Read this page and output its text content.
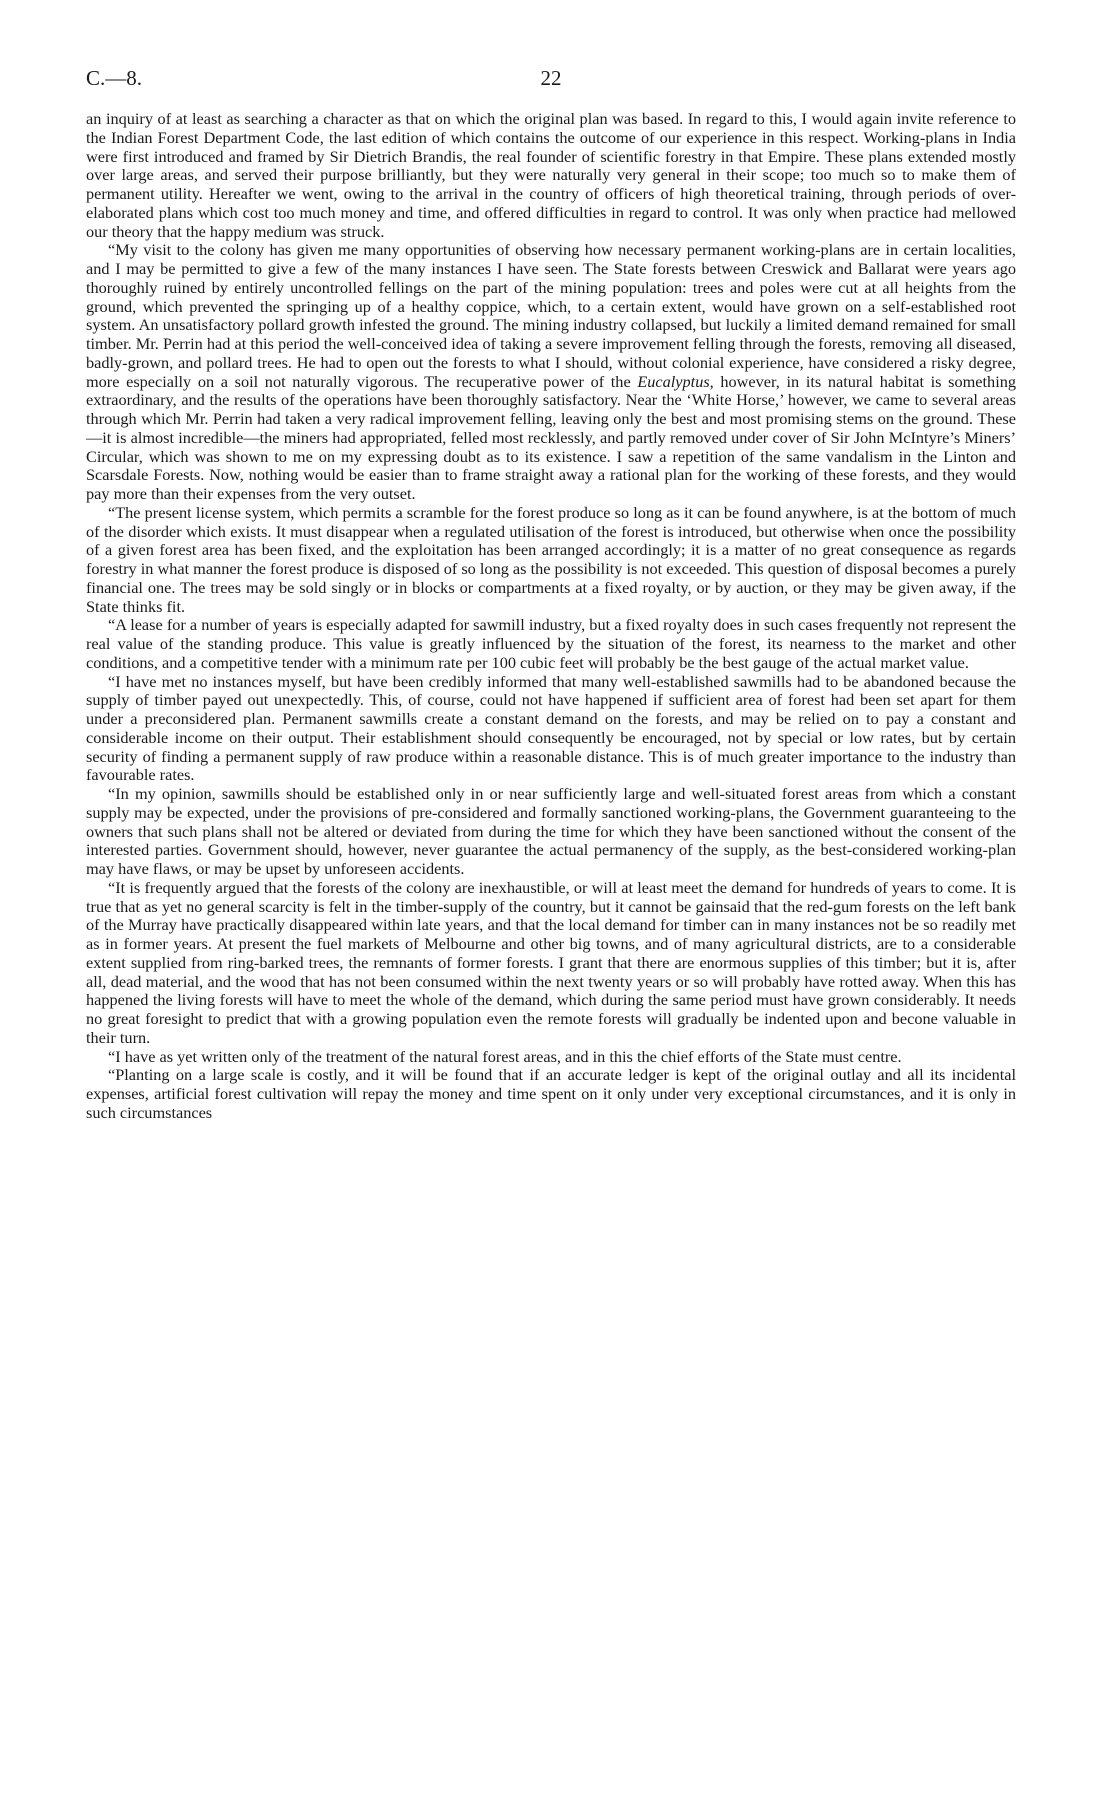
C.—8.	22

an inquiry of at least as searching a character as that on which the original plan was based. In regard to this, I would again invite reference to the Indian Forest Department Code, the last edition of which contains the outcome of our experience in this respect. Working-plans in India were first introduced and framed by Sir Dietrich Brandis, the real founder of scientific forestry in that Empire. These plans extended mostly over large areas, and served their purpose brilliantly, but they were naturally very general in their scope; too much so to make them of permanent utility. Hereafter we went, owing to the arrival in the country of officers of high theoretical training, through periods of over-elaborated plans which cost too much money and time, and offered difficulties in regard to control. It was only when practice had mellowed our theory that the happy medium was struck.

“My visit to the colony has given me many opportunities of observing how necessary permanent working-plans are in certain localities, and I may be permitted to give a few of the many instances I have seen. The State forests between Creswick and Ballarat were years ago thoroughly ruined by entirely uncontrolled fellings on the part of the mining population: trees and poles were cut at all heights from the ground, which prevented the springing up of a healthy coppice, which, to a certain extent, would have grown on a self-established root system. An unsatisfactory pollard growth infested the ground. The mining industry collapsed, but luckily a limited demand remained for small timber. Mr. Perrin had at this period the well-conceived idea of taking a severe improvement felling through the forests, removing all diseased, badly-grown, and pollard trees. He had to open out the forests to what I should, without colonial experience, have considered a risky degree, more especially on a soil not naturally vigorous. The recuperative power of the Eucalyptus, however, in its natural habitat is something extraordinary, and the results of the operations have been thoroughly satisfactory. Near the ‘White Horse,’ however, we came to several areas through which Mr. Perrin had taken a very radical improvement felling, leaving only the best and most promising stems on the ground. These—it is almost incredible—the miners had appropriated, felled most recklessly, and partly removed under cover of Sir John McIntyre’s Miners’ Circular, which was shown to me on my expressing doubt as to its existence. I saw a repetition of the same vandalism in the Linton and Scarsdale Forests. Now, nothing would be easier than to frame straight away a rational plan for the working of these forests, and they would pay more than their expenses from the very outset.

“The present license system, which permits a scramble for the forest produce so long as it can be found anywhere, is at the bottom of much of the disorder which exists. It must disappear when a regulated utilisation of the forest is introduced, but otherwise when once the possibility of a given forest area has been fixed, and the exploitation has been arranged accordingly; it is a matter of no great consequence as regards forestry in what manner the forest produce is disposed of so long as the possibility is not exceeded. This question of disposal becomes a purely financial one. The trees may be sold singly or in blocks or compartments at a fixed royalty, or by auction, or they may be given away, if the State thinks fit.

“A lease for a number of years is especially adapted for sawmill industry, but a fixed royalty does in such cases frequently not represent the real value of the standing produce. This value is greatly influenced by the situation of the forest, its nearness to the market and other conditions, and a competitive tender with a minimum rate per 100 cubic feet will probably be the best gauge of the actual market value.

“I have met no instances myself, but have been credibly informed that many well-established sawmills had to be abandoned because the supply of timber payed out unexpectedly. This, of course, could not have happened if sufficient area of forest had been set apart for them under a preconsidered plan. Permanent sawmills create a constant demand on the forests, and may be relied on to pay a constant and considerable income on their output. Their establishment should consequently be encouraged, not by special or low rates, but by certain security of finding a permanent supply of raw produce within a reasonable distance. This is of much greater importance to the industry than favourable rates.

“In my opinion, sawmills should be established only in or near sufficiently large and well-situated forest areas from which a constant supply may be expected, under the provisions of pre-considered and formally sanctioned working-plans, the Government guaranteeing to the owners that such plans shall not be altered or deviated from during the time for which they have been sanctioned without the consent of the interested parties. Government should, however, never guarantee the actual permanency of the supply, as the best-considered working-plan may have flaws, or may be upset by unforeseen accidents.

“It is frequently argued that the forests of the colony are inexhaustible, or will at least meet the demand for hundreds of years to come. It is true that as yet no general scarcity is felt in the timber-supply of the country, but it cannot be gainsaid that the red-gum forests on the left bank of the Murray have practically disappeared within late years, and that the local demand for timber can in many instances not be so readily met as in former years. At present the fuel markets of Melbourne and other big towns, and of many agricultural districts, are to a considerable extent supplied from ring-barked trees, the remnants of former forests. I grant that there are enormous supplies of this timber; but it is, after all, dead material, and the wood that has not been consumed within the next twenty years or so will probably have rotted away. When this has happened the living forests will have to meet the whole of the demand, which during the same period must have grown considerably. It needs no great foresight to predict that with a growing population even the remote forests will gradually be indented upon and becone valuable in their turn.

“I have as yet written only of the treatment of the natural forest areas, and in this the chief efforts of the State must centre.

“Planting on a large scale is costly, and it will be found that if an accurate ledger is kept of the original outlay and all its incidental expenses, artificial forest cultivation will repay the money and time spent on it only under very exceptional circumstances, and it is only in such circumstances
